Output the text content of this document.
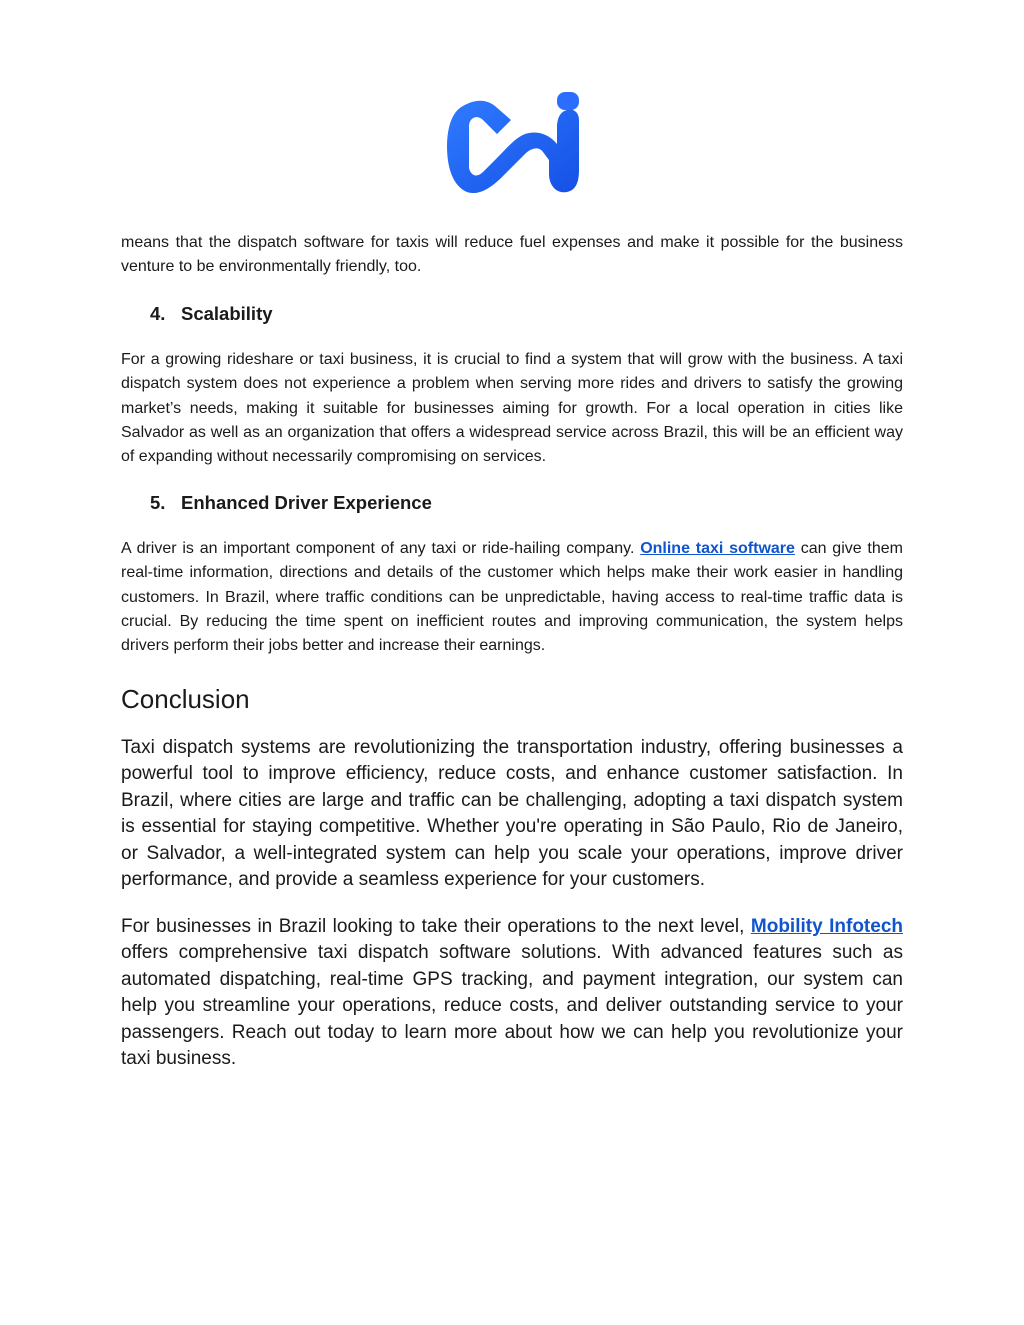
means that the dispatch software for taxis will reduce fuel expenses and make it possible for the business venture to be environmentally friendly, too.

4. Scalability

For a growing rideshare or taxi business, it is crucial to find a system that will grow with the business. A taxi dispatch system does not experience a problem when serving more rides and drivers to satisfy the growing market’s needs, making it suitable for businesses aiming for growth. For a local operation in cities like Salvador as well as an organization that offers a widespread service across Brazil, this will be an efficient way of expanding without necessarily compromising on services.

5. Enhanced Driver Experience

A driver is an important component of any taxi or ride-hailing company. Online taxi software can give them real-time information, directions and details of the customer which helps make their work easier in handling customers. In Brazil, where traffic conditions can be unpredictable, having access to real-time traffic data is crucial. By reducing the time spent on inefficient routes and improving communication, the system helps drivers perform their jobs better and increase their earnings.

Conclusion

Taxi dispatch systems are revolutionizing the transportation industry, offering businesses a powerful tool to improve efficiency, reduce costs, and enhance customer satisfaction. In Brazil, where cities are large and traffic can be challenging, adopting a taxi dispatch system is essential for staying competitive. Whether you're operating in São Paulo, Rio de Janeiro, or Salvador, a well-integrated system can help you scale your operations, improve driver performance, and provide a seamless experience for your customers.

For businesses in Brazil looking to take their operations to the next level, Mobility Infotech offers comprehensive taxi dispatch software solutions. With advanced features such as automated dispatching, real-time GPS tracking, and payment integration, our system can help you streamline your operations, reduce costs, and deliver outstanding service to your passengers. Reach out today to learn more about how we can help you revolutionize your taxi business.
